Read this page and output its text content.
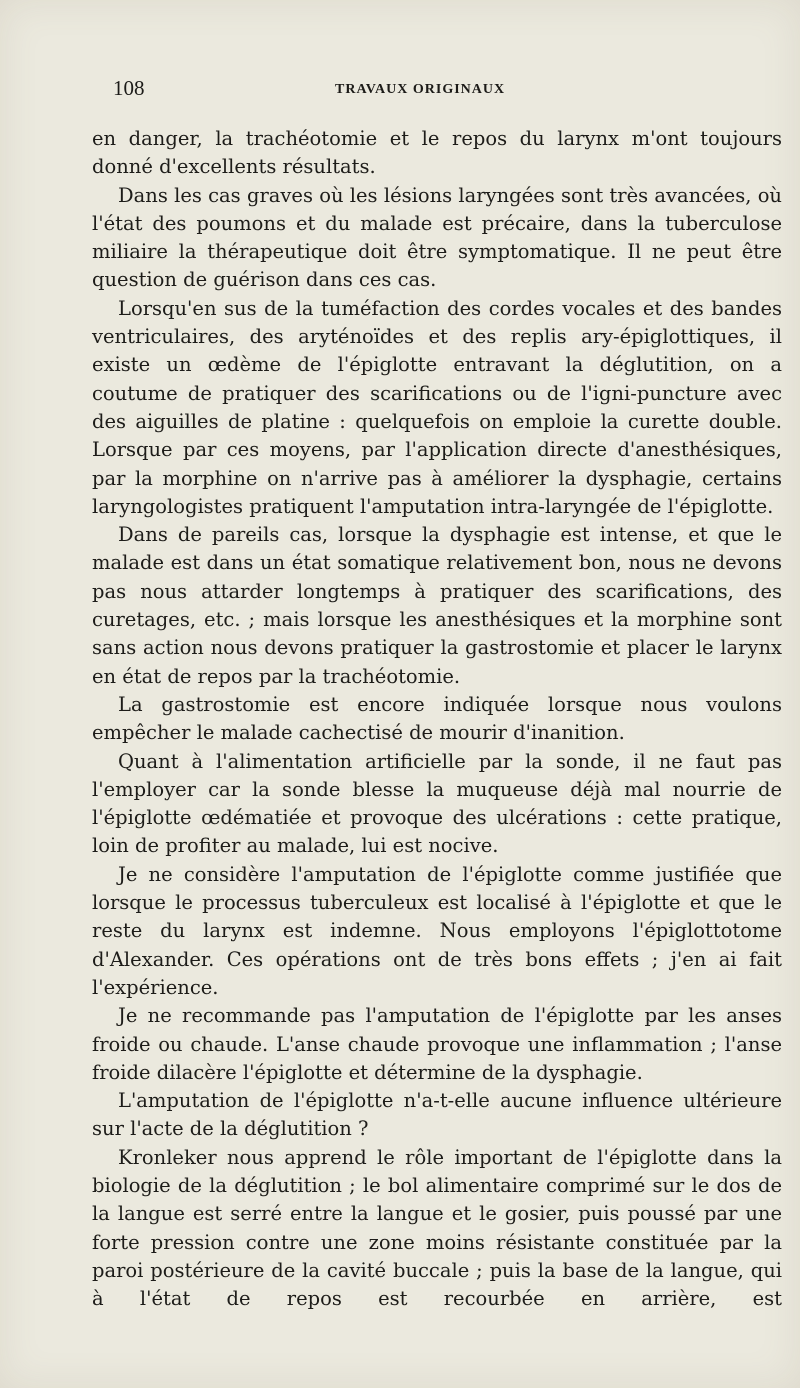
108	TRAVAUX ORIGINAUX

en danger, la trachéotomie et le repos du larynx m'ont toujours donné d'excellents résultats.

Dans les cas graves où les lésions laryngées sont très avancées, où l'état des poumons et du malade est précaire, dans la tuberculose miliaire la thérapeutique doit être symptomatique. Il ne peut être question de guérison dans ces cas.

Lorsqu'en sus de la tuméfaction des cordes vocales et des bandes ventriculaires, des aryténoïdes et des replis ary-épiglottiques, il existe un œdème de l'épiglotte entravant la déglutition, on a coutume de pratiquer des scarifications ou de l'igni-puncture avec des aiguilles de platine : quelquefois on emploie la curette double. Lorsque par ces moyens, par l'application directe d'anesthésiques, par la morphine on n'arrive pas à améliorer la dysphagie, certains laryngologistes pratiquent l'amputation intra-laryngée de l'épiglotte.

Dans de pareils cas, lorsque la dysphagie est intense, et que le malade est dans un état somatique relativement bon, nous ne devons pas nous attarder longtemps à pratiquer des scarifications, des curetages, etc. ; mais lorsque les anesthésiques et la morphine sont sans action nous devons pratiquer la gastrostomie et placer le larynx en état de repos par la trachéotomie.

La gastrostomie est encore indiquée lorsque nous voulons empêcher le malade cachectisé de mourir d'inanition.

Quant à l'alimentation artificielle par la sonde, il ne faut pas l'employer car la sonde blesse la muqueuse déjà mal nourrie de l'épiglotte œdématiée et provoque des ulcérations : cette pratique, loin de profiter au malade, lui est nocive.

Je ne considère l'amputation de l'épiglotte comme justifiée que lorsque le processus tuberculeux est localisé à l'épiglotte et que le reste du larynx est indemne. Nous employons l'épiglottotome d'Alexander. Ces opérations ont de très bons effets ; j'en ai fait l'expérience.

Je ne recommande pas l'amputation de l'épiglotte par les anses froide ou chaude. L'anse chaude provoque une inflammation ; l'anse froide dilacère l'épiglotte et détermine de la dysphagie.

L'amputation de l'épiglotte n'a-t-elle aucune influence ultérieure sur l'acte de la déglutition ?

Kronleker nous apprend le rôle important de l'épiglotte dans la biologie de la déglutition ; le bol alimentaire comprimé sur le dos de la langue est serré entre la langue et le gosier, puis poussé par une forte pression contre une zone moins résistante constituée par la paroi postérieure de la cavité buccale ; puis la base de la langue, qui à l'état de repos est recourbée en arrière, est
